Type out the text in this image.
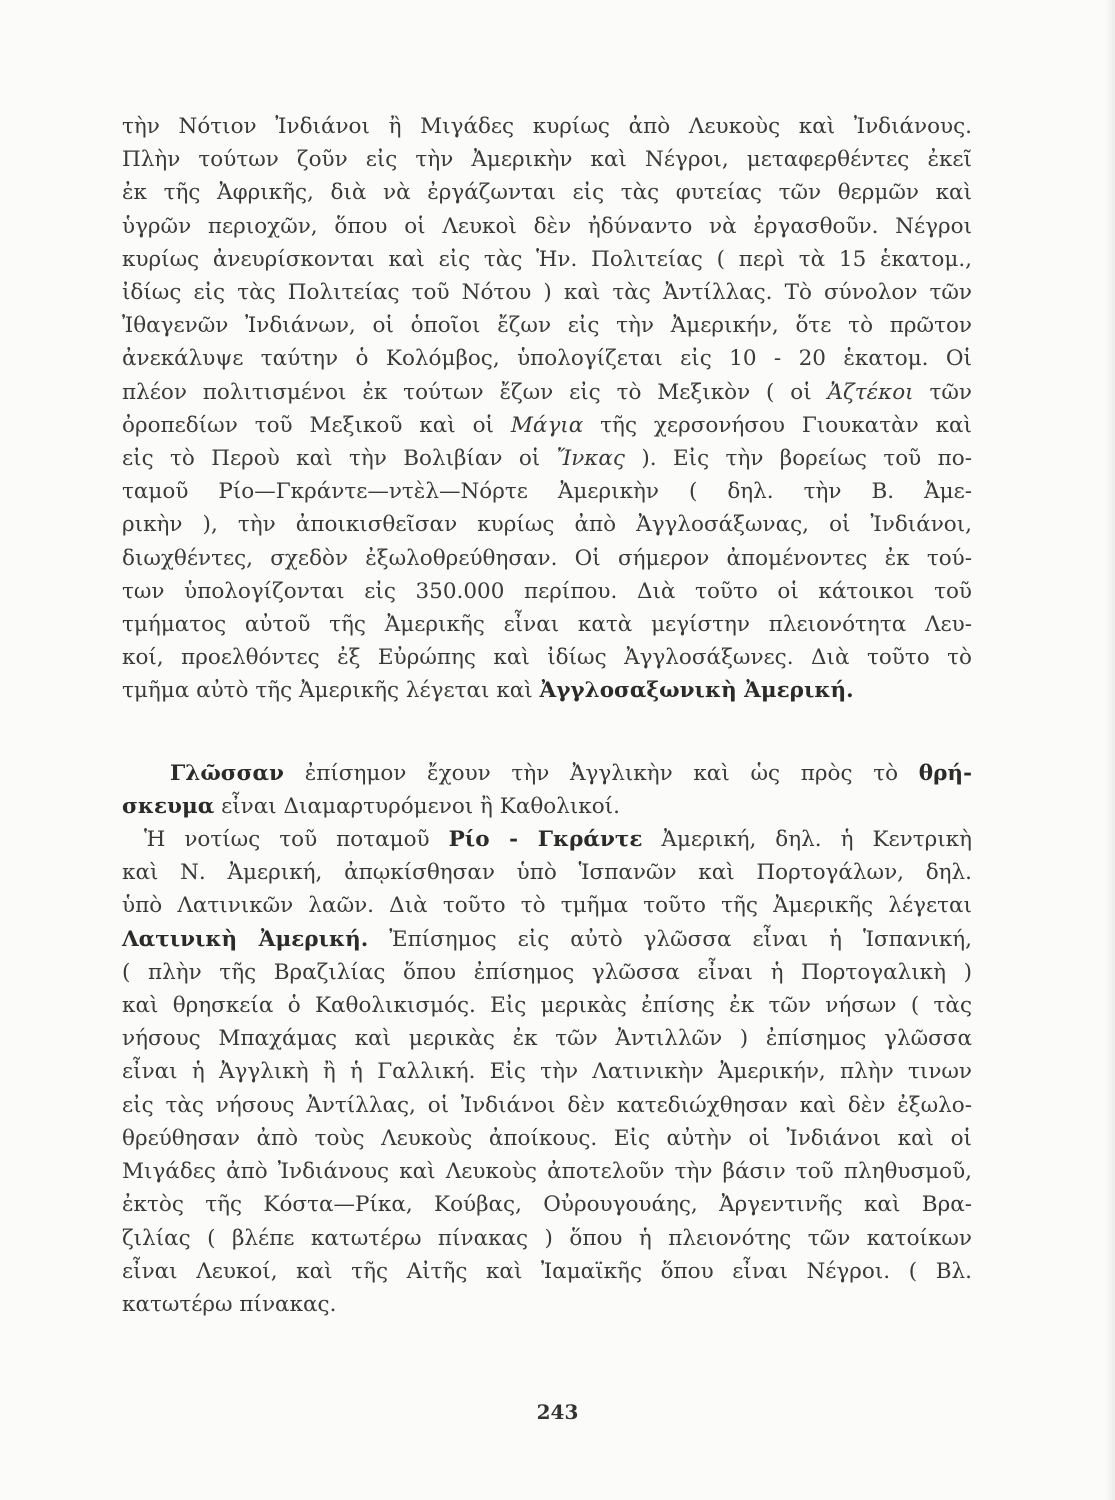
τὴν Νότιον Ἰνδιάνοι ἢ Μιγάδες κυρίως ἀπὸ Λευκοὺς καὶ Ἰνδιάνους.

Πλὴν τούτων ζοῦν εἰς τὴν Ἀμερικὴν καὶ Νέγροι, μεταφερθέντες ἐκεῖ

ἐκ τῆς Ἀφρικῆς, διὰ νὰ ἐργάζωνται εἰς τὰς φυτείας τῶν θερμῶν καὶ

ὑγρῶν περιοχῶν, ὅπου οἱ Λευκοὶ δὲν ἠδύναντο νὰ ἐργασθοῦν. Νέγροι

κυρίως ἀνευρίσκονται καὶ εἰς τὰς Ἡν. Πολιτείας ( περὶ τὰ 15 ἑκατομ.,

ἰδίως εἰς τὰς Πολιτείας τοῦ Νότου ) καὶ τὰς Ἀντίλλας. Τὸ σύνολον τῶν

Ἰθαγενῶν Ἰνδιάνων, οἱ ὁποῖοι ἔζων εἰς τὴν Ἀμερικήν, ὅτε τὸ πρῶτον

ἀνεκάλυψε ταύτην ὁ Κολόμβος, ὑπολογίζεται εἰς 10 - 20 ἑκατομ. Οἱ

πλέον πολιτισμένοι ἐκ τούτων ἔζων εἰς τὸ Μεξικὸν ( οἱ Ἀζτέκοι τῶν

ὀροπεδίων τοῦ Μεξικοῦ καὶ οἱ Μάγια τῆς χερσονήσου Γιουκατὰν καὶ

εἰς τὸ Περοὺ καὶ τὴν Βολιβίαν οἱ Ἴνκας ). Εἰς τὴν βορείως τοῦ πο-

ταμοῦ Ρίο—Γκράντε—ντὲλ—Νόρτε Ἀμερικὴν ( δηλ. τὴν Β. Ἀμε-

ρικὴν ), τὴν ἀποικισθεῖσαν κυρίως ἀπὸ Ἀγγλοσάξωνας, οἱ Ἰνδιάνοι,

διωχθέντες, σχεδὸν ἐξωλοθρεύθησαν. Οἱ σήμερον ἀπομένοντες ἐκ τού-

των ὑπολογίζονται εἰς 350.000 περίπου. Διὰ τοῦτο οἱ κάτοικοι τοῦ

τμήματος αὐτοῦ τῆς Ἀμερικῆς εἶναι κατὰ μεγίστην πλειονότητα Λευ-

κοί, προελθόντες ἐξ Εὐρώπης καὶ ἰδίως Ἀγγλοσάξωνες. Διὰ τοῦτο τὸ

τμῆμα αὐτὸ τῆς Ἀμερικῆς λέγεται καὶ Ἀγγλοσαξωνικὴ Ἀμερική.

Γλῶσσαν ἐπίσημον ἔχουν τὴν Ἀγγλικὴν καὶ ὡς πρὸς τὸ θρή-

σκευμα εἶναι Διαμαρτυρόμενοι ἢ Καθολικοί.

Ἡ νοτίως τοῦ ποταμοῦ Ρίο - Γκράντε Ἀμερική, δηλ. ἡ Κεντρικὴ

καὶ Ν. Ἀμερική, ἀπῳκίσθησαν ὑπὸ Ἱσπανῶν καὶ Πορτογάλων, δηλ.

ὑπὸ Λατινικῶν λαῶν. Διὰ τοῦτο τὸ τμῆμα τοῦτο τῆς Ἀμερικῆς λέγεται

Λατινικὴ Ἀμερική. Ἐπίσημος εἰς αὐτὸ γλῶσσα εἶναι ἡ Ἱσπανική,

( πλὴν τῆς Βραζιλίας ὅπου ἐπίσημος γλῶσσα εἶναι ἡ Πορτογαλικὴ )

καὶ θρησκεία ὁ Καθολικισμός. Εἰς μερικὰς ἐπίσης ἐκ τῶν νήσων ( τὰς

νήσους Μπαχάμας καὶ μερικὰς ἐκ τῶν Ἀντιλλῶν ) ἐπίσημος γλῶσσα

εἶναι ἡ Ἀγγλικὴ ἢ ἡ Γαλλική. Εἰς τὴν Λατινικὴν Ἀμερικήν, πλὴν τινων

εἰς τὰς νήσους Ἀντίλλας, οἱ Ἰνδιάνοι δὲν κατεδιώχθησαν καὶ δὲν ἐξωλο-

θρεύθησαν ἀπὸ τοὺς Λευκοὺς ἀποίκους. Εἰς αὐτὴν οἱ Ἰνδιάνοι καὶ οἱ

Μιγάδες ἀπὸ Ἰνδιάνους καὶ Λευκοὺς ἀποτελοῦν τὴν βάσιν τοῦ πληθυσμοῦ,

ἐκτὸς τῆς Κόστα—Ρίκα, Κούβας, Οὐρουγουάης, Ἀργεντινῆς καὶ Βρα-

ζιλίας ( βλέπε κατωτέρω πίνακας ) ὅπου ἡ πλειονότης τῶν κατοίκων

εἶναι Λευκοί, καὶ τῆς Αἰτῆς καὶ Ἰαμαϊκῆς ὅπου εἶναι Νέγροι. ( Βλ.

κατωτέρω πίνακας.

243
